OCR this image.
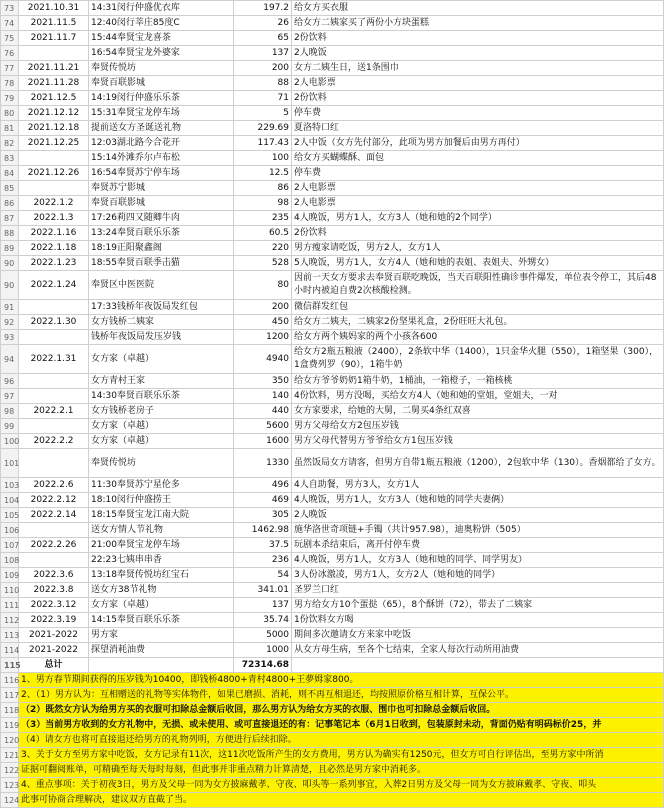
73	2021.10.31	14:31闵行仲盛优衣库	197.2	给女方买衣服
74	2021.11.5	12:40闵行莘庄85度C	26	给女方二姨家买了两份小方块蛋糕
75	2021.11.7	15:44奉贤宝龙喜茶	65	2份饮料
76		16:54奉贤宝龙外婆家	137	2人晚饭
77	2021.11.21	奉贤传悦坊	200	女方二姨生日，送1条围巾
78	2021.11.28	奉贤百联影城	88	2人电影票
79	2021.12.5	14:19闵行仲盛乐乐茶	71	2份饮料
80	2021.12.12	15:31奉贤宝龙停车场	5	停车费
81	2021.12.18	提前送女方圣诞送礼物	229.69	夏洛特口红
82	2021.12.25	12:03湖北路今合花开	117.43	2人中饭（女方先付部分，此项为男方加餐后由男方再付）
83		15:14外滩乔尔卢布松	100	给女方买蝴蝶酥、面包
84	2021.12.26	16:54奉贤苏宁停车场	12.5	停车费
85		奉贤苏宁影城	86	2人电影票
86	2022.1.2	奉贤百联影城	98	2人电影票
87	2022.1.3	17:26莉四又随卿牛肉	235	4人晚饭，男方1人，女方3人（她和她的2个同学）
88	2022.1.16	13:24奉贤百联乐乐茶	60.5	2份饮料
89	2022.1.18	18:19正阳聚鑫阁	220	男方瘦家请吃饭，男方2人，女方1人
90	2022.1.23	18:55奉贤百联季击猫	528	5人晚饭，男方1人，女方4人（她和她的表姐、表姐夫、外甥女）
90	2022.1.24	奉贤区中医医院	80	因前一天女方要求去奉贤百联吃晚饭，当天百联阳性确诊事件爆发，单位表令停工，其后48小时内被迫自费2次核酸检测。
91		17:33钱桥年夜饭局发红包	200	微信群发红包
92	2022.1.30	女方钱桥二姨家	450	给女方二姨夫，二姨家2份坚果礼盒，2份旺旺大礼包。
93		钱桥年夜饭局发压岁钱	1200	给女方两个姨妈家的两个小孩各600
94	2022.1.31	女方家（卓越）	4940	给女方2瓶五粮液（2400），2条软中华（1400），1只金华火腿（550），1箱坚果（300），1盒费列罗（90），1箱牛奶
96		女方青村王家	350	给女方爷爷奶奶1箱牛奶，1桶油，一箱橙子，一箱核桃
97		14:30奉贤百联乐乐茶	140	4份饮料，男方没喝，买给女方4人（她和她的堂姐，堂姐夫，一对
98	2022.2.1	女方钱桥老房子	440	女方家要求，给她的大舅，二舅买4条红双喜
99		女方家（卓越）	5600	男方父母给女方2包压岁钱
100	2022.2.2	女方家（卓越）	1600	男方父母代替男方爷爷给女方1包压岁钱
101		奉贤传悦坊	1330	虽然饭局女方请客，但男方自带1瓶五粮液（1200），2包软中华（130）。香烟都给了女方。
103	2022.2.6	11:30奉贤苏宁星伦多	496	4人自助餐，男方3人，女方1人
104	2022.2.12	18:10闵行仲盛捞王	469	4人晚饭，男方1人，女方3人（她和她的同学夫妻俩）
105	2022.2.14	18:15奉贤宝龙江南大院	305	2人晚饭
106		送女方情人节礼物	1462.98	施华洛世奇项链+手镯（共计957.98），迪奥粉饼（505）
107	2022.2.26	21:00奉贤宝龙停车场	37.5	玩剧本杀结束后，离开付停车费
108		22:23七姨串串香	236	4人晚饭，男方1人，女方3人（她和她的同学、同学男友）
109	2022.3.6	13:18奉贤传悦坊红宝石	54	3人份冰激凌，男方1人，女方2人（她和她的同学）
110	2022.3.8	送女方38节礼物	341.01	圣罗兰口红
111	2022.3.12	女方家（卓越）	137	男方给女方10个蛋挞（65），8个酥饼（72），带去了二姨家
112	2022.3.19	14:15奉贤百联乐乐茶	35.74	1份饮料女方喝
113	2021-2022	男方家	5000	期间多次邀请女方来家中吃饭
114	2021-2022	探望消耗油费	1000	从女方母生病，至各个七结束，全家人每次行动所用油费
115	总计		72314.68	
116	1、男方春节期间获得的压岁钱为10400，即钱桥4800+青村4800+王夢姆家800。			
117	2、（1）男方认为：互相赠送的礼物等实体物件，如果已磨损、消耗，则不再互相退还，均按照原价格互相计算，互保公平。			
118	（2）既然女方认为给男方买的衣服可扣除总金额后收回，那么男方认为给女方买的衣服、围巾也可扣除总金额后收回。			
119	（3）当前男方收到的女方礼物中，无损、或未使用、或可直接退还的有：记事笔记本（6月1日收到，包装原封未动，背面仍贴有明码标价25，并			
120	（4）请女方也将可直接退还给男方的礼物列明，方便进行后续扣除。			
121	3、关于女方至男方家中吃饭，女方记录有11次，这11次吃饭所产生的女方费用，男方认为确实有1250元，但女方可自行评估出，至男方家中所消			
122	证据可翻阅账单，可精确至每天每时每刻，但此事并非重点精力计算清楚，且必然是男方家中消耗多。			
123	4、重点事项：关于初夜3日，男方及父母一同为女方披麻戴孝、守夜、叩头等一系列事宜，入葬2日男方及父母一同为女方披麻戴孝、守夜、叩头			
124	此事可协商合理解决，建议双方直截了当。			
